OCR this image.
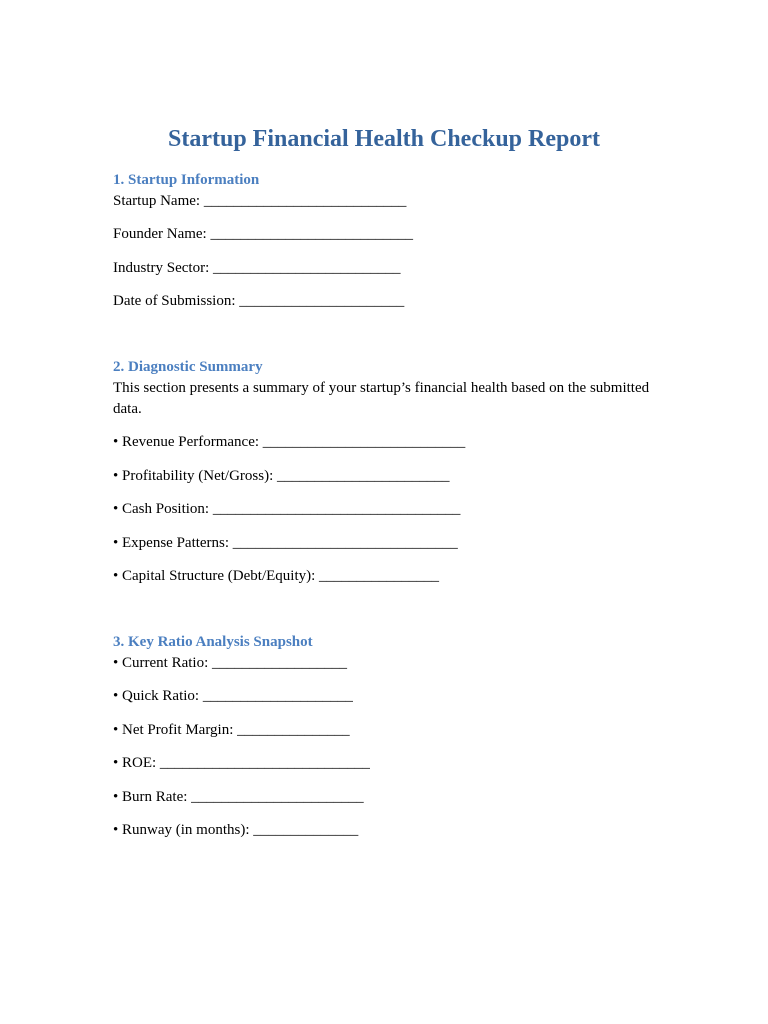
Startup Financial Health Checkup Report
1. Startup Information
Startup Name: ___________________________
Founder Name: ___________________________
Industry Sector: _________________________
Date of Submission: ______________________
2. Diagnostic Summary
This section presents a summary of your startup’s financial health based on the submitted data.
• Revenue Performance: ___________________________
• Profitability (Net/Gross): _______________________
• Cash Position: _________________________________
• Expense Patterns: ______________________________
• Capital Structure (Debt/Equity): ________________
3. Key Ratio Analysis Snapshot
• Current Ratio: __________________
• Quick Ratio: ____________________
• Net Profit Margin: _______________
• ROE: ____________________________
• Burn Rate: _______________________
• Runway (in months): ______________
